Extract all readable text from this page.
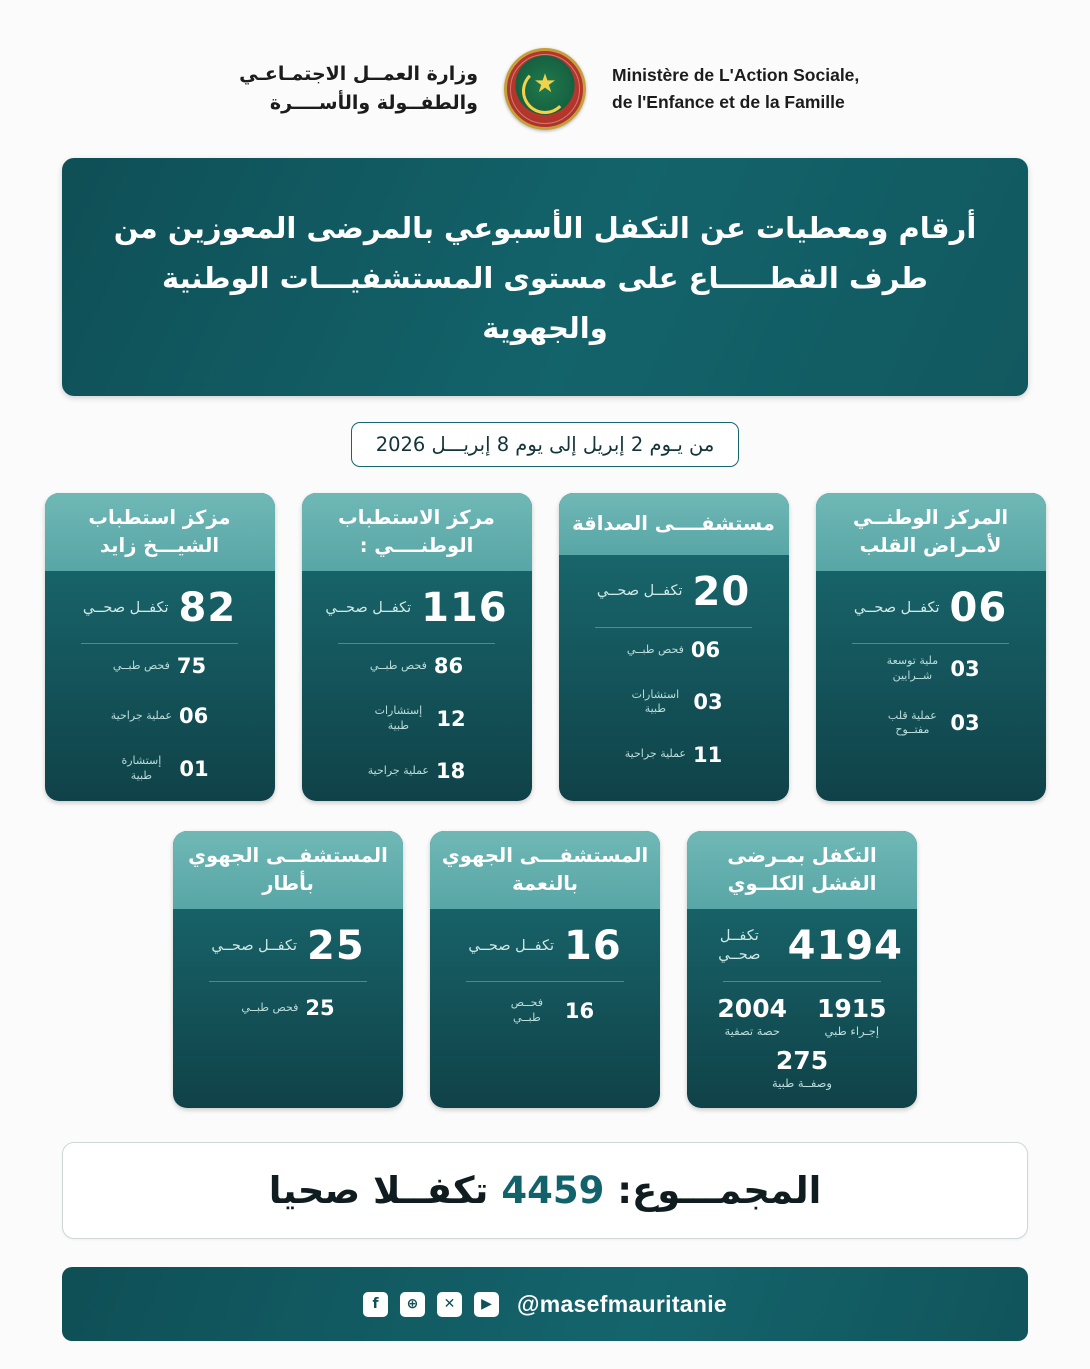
Ministère de L'Action Sociale,
de l'Enfance et de la Famille
★
وزارة العمــل الاجتمـاعـي
والطفــولة والأســــرة
أرقام ومعطيات عن التكفل الأسبوعي بالمرضى المعوزين من طرف القطـــــاع على مستوى المستشفيـــات الوطنية والجهوية
من يـوم 2 إبريل إلى يوم 8 إبريـــل 2026
المركز الوطنــي لأمـراض القلب
06
تكفــل صحــي
03
ملية توسعة شــرايين
03
عملية قلب مفتــوح
مستشفــــى الصداقة
20
تكفــل صحــي
06
فحص طبــي
03
استشارات طبية
11
عملية جراحية
مركز الاستطباب الوطنــــي :
116
تكفــل صحــي
86
فحص طبــي
12
إستشارات طبية
18
عملية جراحية
مزكز استطباب الشيـــخ زايد
82
تكفــل صحــي
75
فحص طبــي
06
عملية جراحية
01
إستشارة طبية
التكفل بمـرضى الفشل الكلــوي
4194
تكفــل صحــي
1915
إجـراء طبي
2004
حصة تصفية
275
وصفــة طبية
المستشفـــى الجهوي بالنعمة
16
تكفــل صحــي
16
فحــص طبــي
المستشفــى الجهوي بأطار
25
تكفــل صحــي
25
فحص طبــي
المجمـــوع: 4459 تكفــلا صحيا
f	⊕	✕	▶	@masefmauritanie
